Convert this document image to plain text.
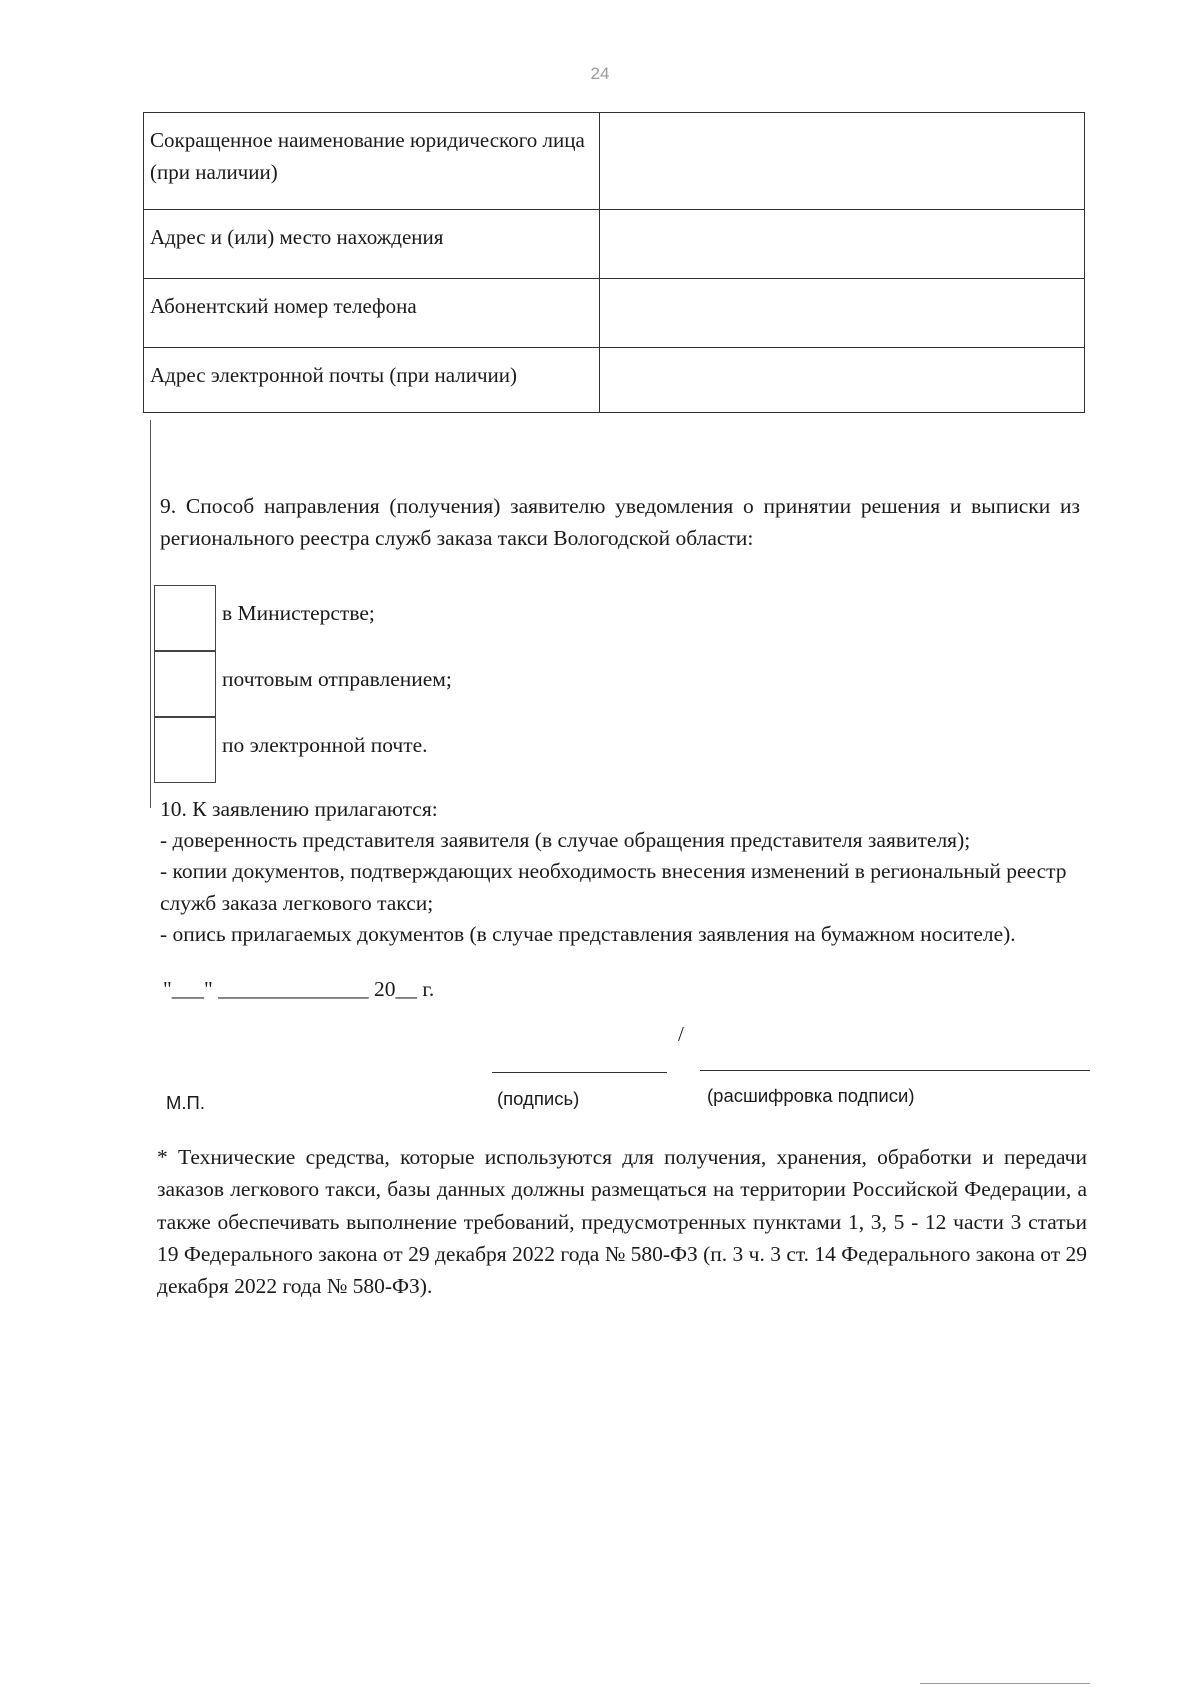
24
Сокращенное наименование юридического лица (при наличии)	
Адрес и (или) место нахождения	
Абонентский номер телефона	
Адрес электронной почты (при наличии)	
9. Способ направления (получения) заявителю уведомления о принятии решения и выписки из регионального реестра служб заказа такси Вологодской области:
в Министерстве;
почтовым отправлением;
по электронной почте.
10. К заявлению прилагаются:
- доверенность представителя заявителя (в случае обращения представителя заявителя);
- копии документов, подтверждающих необходимость внесения изменений в региональный реестр служб заказа легкового такси;
- опись прилагаемых документов (в случае представления заявления на бумажном носителе).
"___" ______________ 20__ г.
/
М.П.	(подпись)	(расшифровка подписи)
* Технические средства, которые используются для получения, хранения, обработки и передачи заказов легкового такси, базы данных должны размещаться на территории Российской Федерации, а также обеспечивать выполнение требований, предусмотренных пунктами 1, 3, 5 - 12 части 3 статьи 19 Федерального закона от 29 декабря 2022 года № 580-ФЗ (п. 3 ч. 3 ст. 14 Федерального закона от 29 декабря 2022 года № 580-ФЗ).
